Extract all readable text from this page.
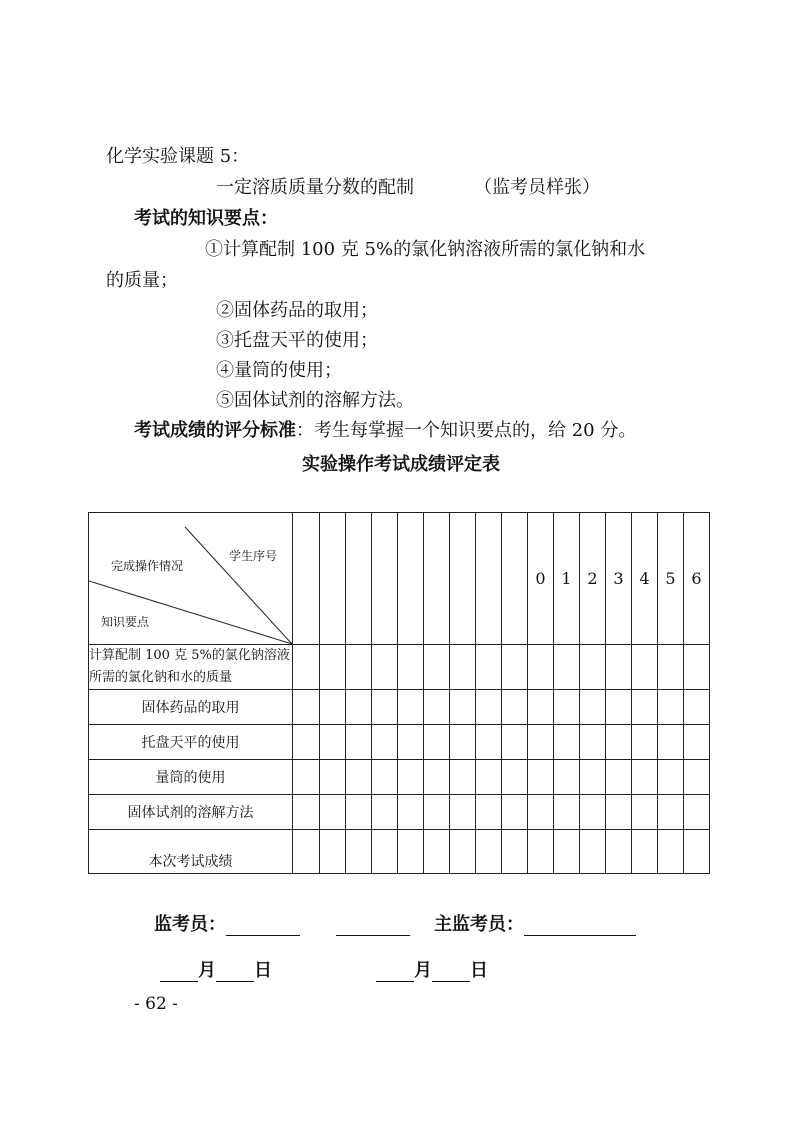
化学实验课题 5：
一定溶质质量分数的配制	（监考员样张）
考试的知识要点：
①计算配制 100 克 5%的氯化钠溶液所需的氯化钠和水
的质量；
②固体药品的取用；
③托盘天平的使用；
④量筒的使用；
⑤固体试剂的溶解方法。
考试成绩的评分标准：考生每掌握一个知识要点的，给 20 分。
实验操作考试成绩评定表
学生序号
完成操作情况
知识要点										0	1	2	3	4	5	6
计算配制 100 克 5%的氯化钠溶液所需的氯化钠和水的质量																
固体药品的取用																
托盘天平的使用																
量筒的使用																
固体试剂的溶解方法																
本次考试成绩																
监考员：	主监考员：
月 日	月 日
- 62 -
